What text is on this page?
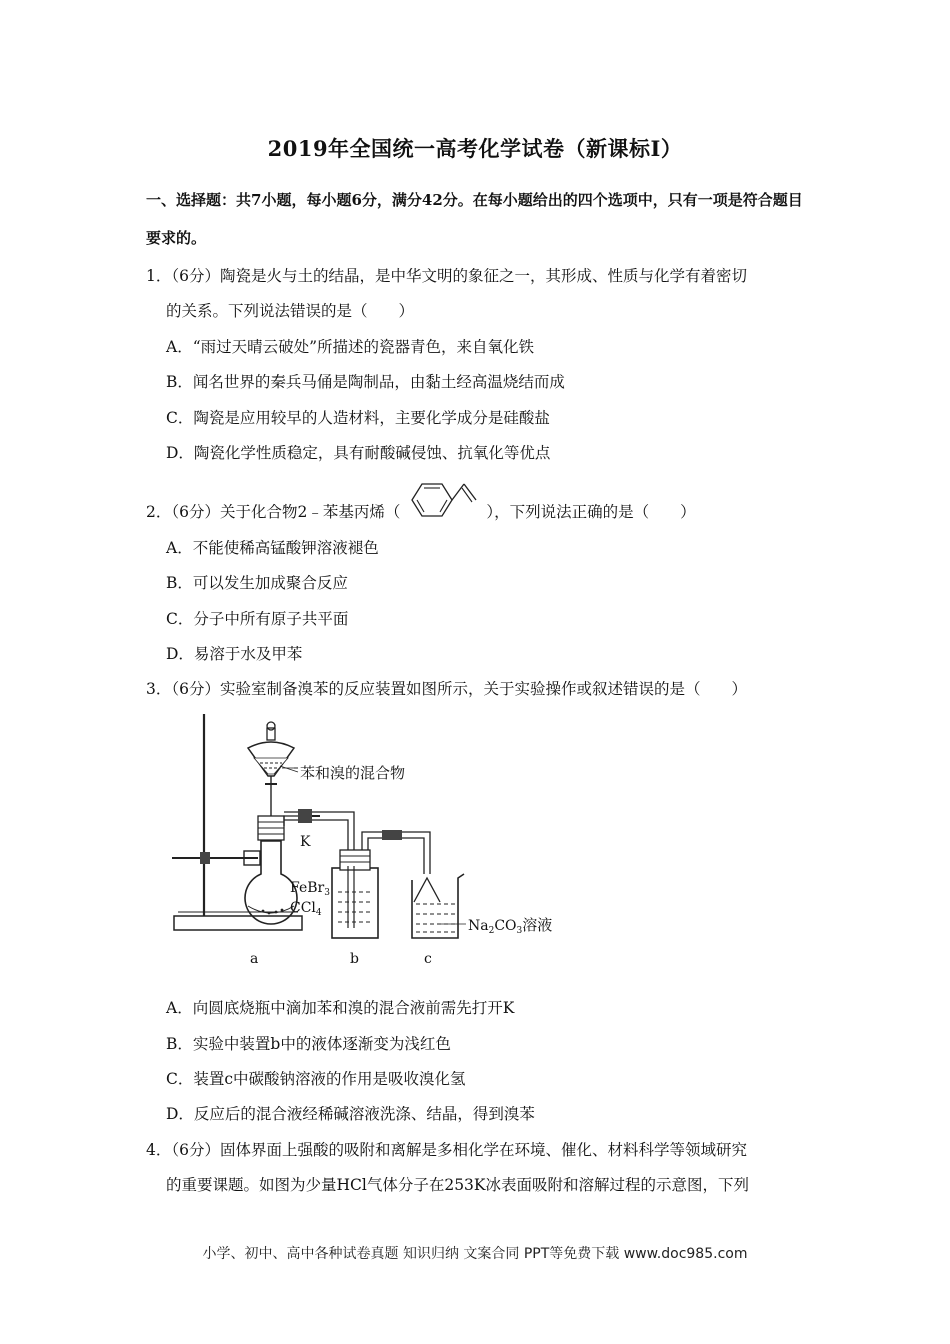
2019年全国统一高考化学试卷（新课标Ⅰ）
一、选择题：共7小题，每小题6分，满分42分。在每小题给出的四个选项中，只有一项是符合题目要求的。
1．（6分）陶瓷是火与土的结晶，是中华文明的象征之一，其形成、性质与化学有着密切
的关系。下列说法错误的是（　　）
A．“雨过天晴云破处”所描述的瓷器青色，来自氧化铁
B．闻名世界的秦兵马俑是陶制品，由黏土经高温烧结而成
C．陶瓷是应用较早的人造材料，主要化学成分是硅酸盐
D．陶瓷化学性质稳定，具有耐酸碱侵蚀、抗氧化等优点
2．（6分）关于化合物2﹣苯基丙烯（	），下列说法正确的是（　　）
A．不能使稀高锰酸钾溶液褪色
B．可以发生加成聚合反应
C．分子中所有原子共平面
D．易溶于水及甲苯
3．（6分）实验室制备溴苯的反应装置如图所示，关于实验操作或叙述错误的是（　　）
苯和溴的混合物
K
FeBr$_3$
CCl$_4$
$Na_2CO_3$溶液
a	b	c
A．向圆底烧瓶中滴加苯和溴的混合液前需先打开K
B．实验中装置b中的液体逐渐变为浅红色
C．装置c中碳酸钠溶液的作用是吸收溴化氢
D．反应后的混合液经稀碱溶液洗涤、结晶，得到溴苯
4．（6分）固体界面上强酸的吸附和离解是多相化学在环境、催化、材料科学等领域研究
的重要课题。如图为少量HCl气体分子在253K冰表面吸附和溶解过程的示意图，下列
小学、初中、高中各种试卷真题 知识归纳 文案合同 PPT等免费下载 www.doc985.com
